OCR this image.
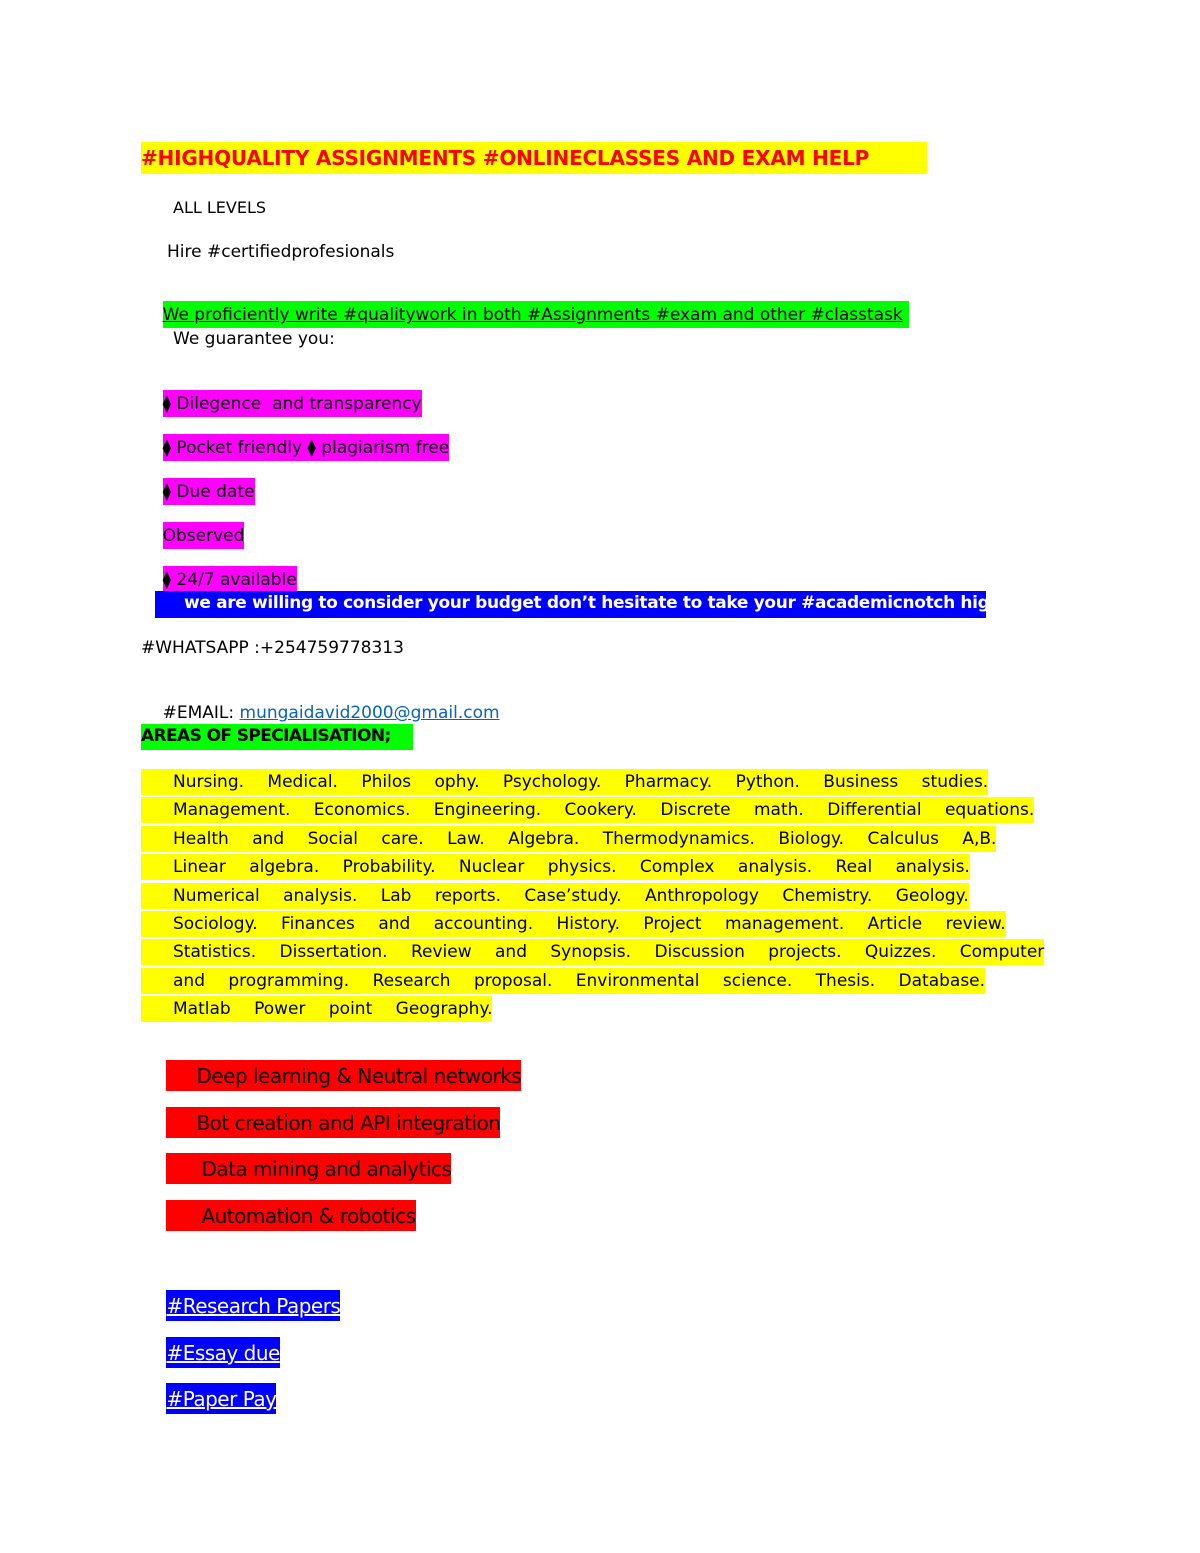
#HIGHQUALITY ASSIGNMENTS #ONLINECLASSES AND EXAM HELP
ALL LEVELS
Hire #certifiedprofesionals

We proficiently write #qualitywork in both #Assignments #exam and other #classtask

We guarantee you:

⧫ Dilegence  and transparency

⧫ Pocket friendly ⧫ plagiarism free

⧫ Due date

Observed

⧫ 24/7 available

we are willing to consider your budget don’t hesitate to take your #academicnotch higher
#WHATSAPP :+254759778313

#EMAIL: mungaidavid2000@gmail.com

AREAS OF SPECIALISATION;
Nursing. Medical. Philos ophy. Psychology. Pharmacy. Python. Business studies. Management. Economics. Engineering. Cookery. Discrete math. Differential equations. Health and Social care. Law. Algebra. Thermodynamics. Biology. Calculus A,B. Linear algebra. Probability. Nuclear physics. Complex analysis. Real analysis. Numerical analysis. Lab reports. Case’study. Anthropology Chemistry. Geology. Sociology. Finances and accounting. History. Project management. Article review. Statistics. Dissertation. Review and Synopsis. Discussion projects. Quizzes. Computer and programming. Research proposal. Environmental science. Thesis. Database. Matlab Power point Geography.

Deep learning & Neutral networks

Bot creation and API integration

Data mining and analytics

Automation & robotics

#Research Papers

#Essay due

#Paper Pay
